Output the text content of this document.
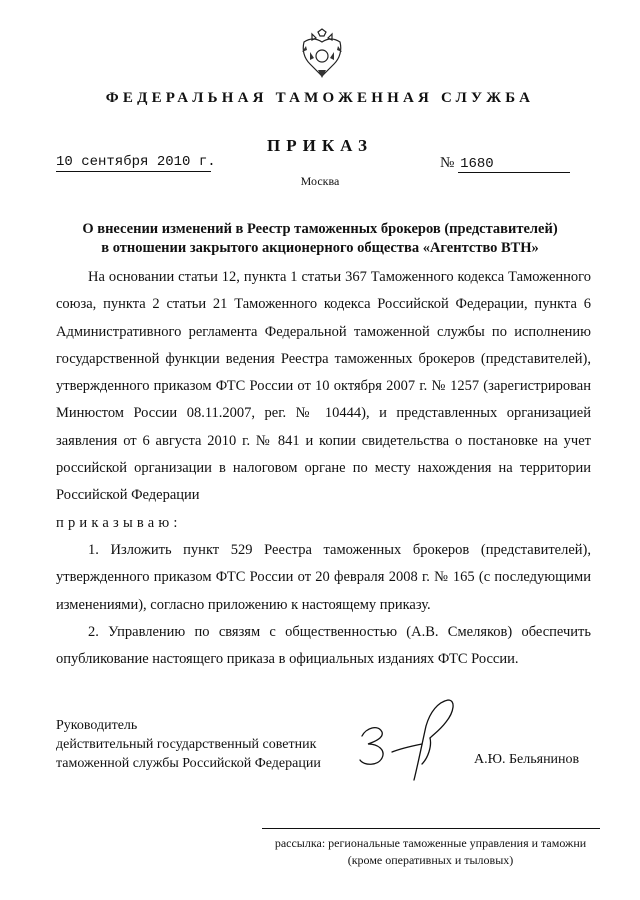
ФЕДЕРАЛЬНАЯ ТАМОЖЕННАЯ СЛУЖБА
ПРИКАЗ
10 сентября 2010 г.	№ 1680
Москва
О внесении изменений в Реестр таможенных брокеров (представителей)
в отношении закрытого акционерного общества «Агентство ВТН»

На основании статьи 12, пункта 1 статьи 367 Таможенного кодекса Таможенного союза, пункта 2 статьи 21 Таможенного кодекса Российской Федерации, пункта 6 Административного регламента Федеральной таможенной службы по исполнению государственной функции ведения Реестра таможенных брокеров (представителей), утвержденного приказом ФТС России от 10 октября 2007 г. № 1257 (зарегистрирован Минюстом России 08.11.2007, рег. № 10444), и представленных организацией заявления от 6 августа 2010 г. № 841 и копии свидетельства о постановке на учет российской организации в налоговом органе по месту нахождения на территории Российской Федерации

приказываю:

1. Изложить пункт 529 Реестра таможенных брокеров (представителей), утвержденного приказом ФТС России от 20 февраля 2008 г. № 165 (с последующими изменениями), согласно приложению к настоящему приказу.

2. Управлению по связям с общественностью (А.В. Смеляков) обеспечить опубликование настоящего приказа в официальных изданиях ФТС России.

Руководитель
действительный государственный советник
таможенной службы Российской Федерации	А.Ю. Бельянинов
рассылка: региональные таможенные управления и таможни
(кроме оперативных и тыловых)
